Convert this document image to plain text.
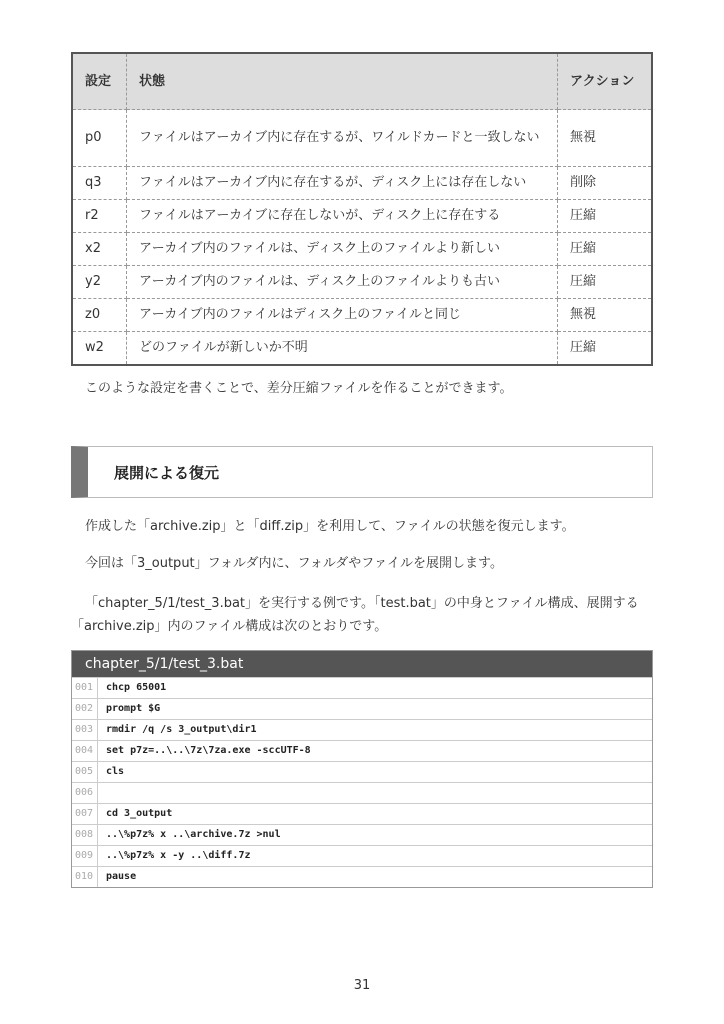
設定	状態	アクション
p0	ファイルはアーカイブ内に存在するが、ワイルドカードと一致しない	無視
q3	ファイルはアーカイブ内に存在するが、ディスク上には存在しない	削除
r2	ファイルはアーカイブに存在しないが、ディスク上に存在する	圧縮
x2	アーカイブ内のファイルは、ディスク上のファイルより新しい	圧縮
y2	アーカイブ内のファイルは、ディスク上のファイルよりも古い	圧縮
z0	アーカイブ内のファイルはディスク上のファイルと同じ	無視
w2	どのファイルが新しいか不明	圧縮
このような設定を書くことで、差分圧縮ファイルを作ることができます。
展開による復元
作成した「archive.zip」と「diff.zip」を利用して、ファイルの状態を復元します。
今回は「3_output」フォルダ内に、フォルダやファイルを展開します。
「chapter_5/1/test_3.bat」を実行する例です。「test.bat」の中身とファイル構成、展開する「archive.zip」内のファイル構成は次のとおりです。
chapter_5/1/test_3.bat
001	chcp 65001
002	prompt $G
003	rmdir /q /s 3_output\dir1
004	set p7z=..\..\7z\7za.exe -sccUTF-8
005	cls
006
007	cd 3_output
008	..\%p7z% x ..\archive.7z >nul
009	..\%p7z% x -y ..\diff.7z
010	pause
31
